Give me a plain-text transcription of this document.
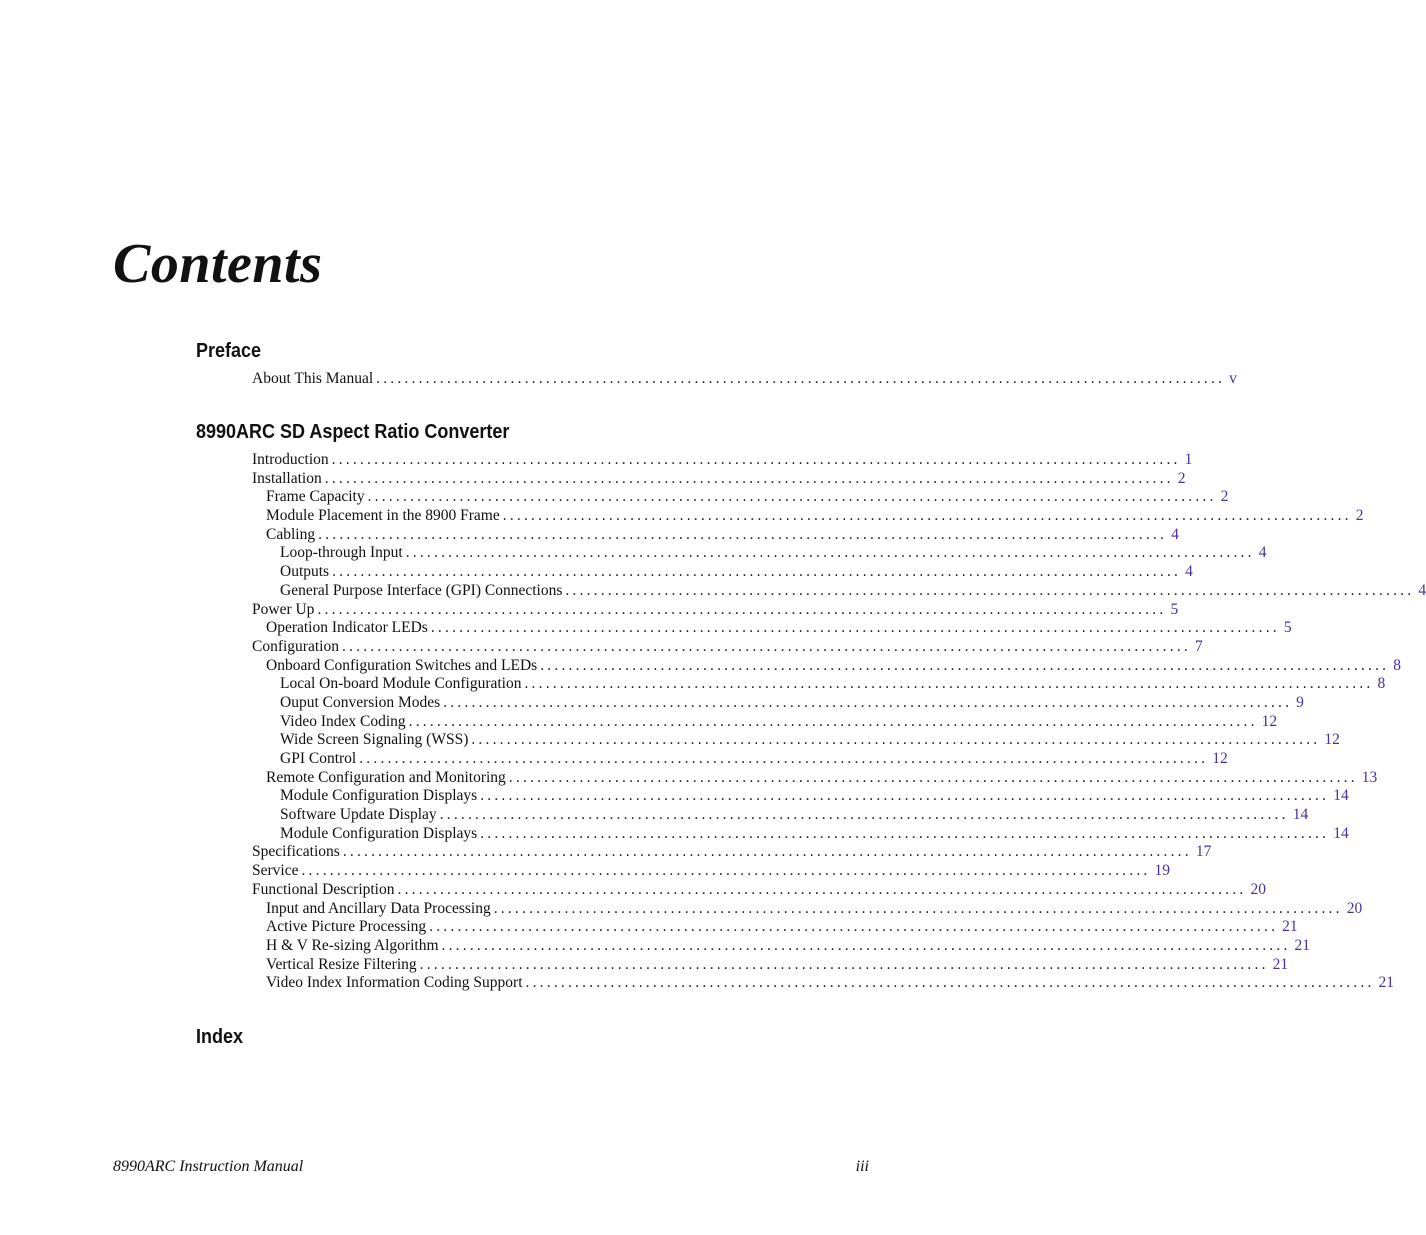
Contents
Preface
About This Manual ........................................................................................................................ v
8990ARC SD Aspect Ratio Converter
Introduction ........................................................................................................................ 1
Installation ........................................................................................................................ 2
Frame Capacity ........................................................................................................................ 2
Module Placement in the 8900 Frame ........................................................................................................................ 2
Cabling ........................................................................................................................ 4
Loop-through Input ........................................................................................................................ 4
Outputs ........................................................................................................................ 4
General Purpose Interface (GPI) Connections ........................................................................................................................ 4
Power Up ........................................................................................................................ 5
Operation Indicator LEDs ........................................................................................................................ 5
Configuration ........................................................................................................................ 7
Onboard Configuration Switches and LEDs ........................................................................................................................ 8
Local On-board Module Configuration ........................................................................................................................ 8
Ouput Conversion Modes ........................................................................................................................ 9
Video Index Coding ........................................................................................................................ 12
Wide Screen Signaling (WSS) ........................................................................................................................ 12
GPI Control ........................................................................................................................ 12
Remote Configuration and Monitoring ........................................................................................................................ 13
Module Configuration Displays ........................................................................................................................ 14
Software Update Display ........................................................................................................................ 14
Module Configuration Displays ........................................................................................................................ 14
Specifications ........................................................................................................................ 17
Service ........................................................................................................................ 19
Functional Description ........................................................................................................................ 20
Input and Ancillary Data Processing ........................................................................................................................ 20
Active Picture Processing ........................................................................................................................ 21
H & V Re-sizing Algorithm ........................................................................................................................ 21
Vertical Resize Filtering ........................................................................................................................ 21
Video Index Information Coding Support ........................................................................................................................ 21
Index
8990ARC Instruction Manual	iii
